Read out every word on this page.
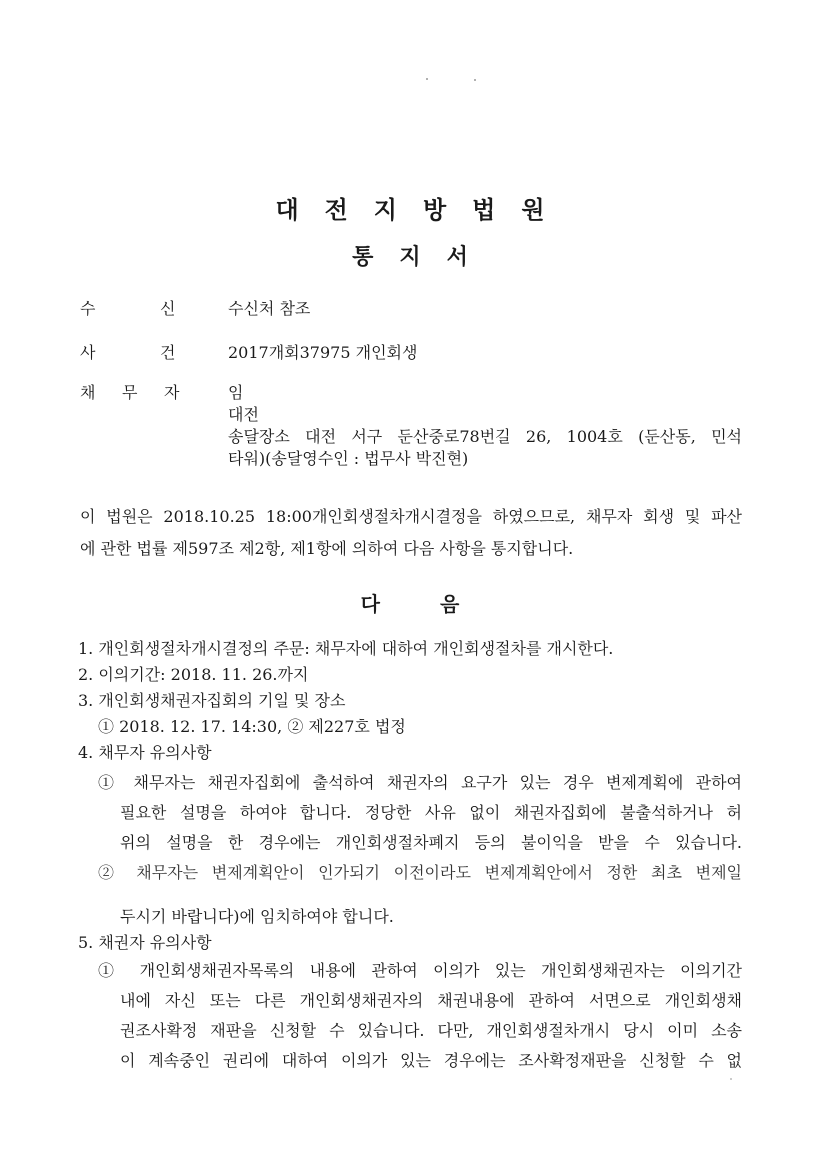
대전지방법원
통지서
수	신	수신처 참조
사	건	2017개회37975 개인회생
채 무 자	임
대전
송달장소 대전 서구 둔산중로78번길 26, 1004호 (둔산동, 민석
타워)(송달영수인 : 법무사 박진현)
이 법원은 2018.10.25 18:00개인회생절차개시결정을 하였으므로, 채무자 회생 및 파산
에 관한 법률 제597조 제2항, 제1항에 의하여 다음 사항을 통지합니다.
다음
1. 개인회생절차개시결정의 주문: 채무자에 대하여 개인회생절차를 개시한다.
2. 이의기간: 2018. 11. 26.까지
3. 개인회생채권자집회의 기일 및 장소
① 2018. 12. 17. 14:30, ② 제227호 법정
4. 채무자 유의사항
① 채무자는 채권자집회에 출석하여 채권자의 요구가 있는 경우 변제계획에 관하여
필요한 설명을 하여야 합니다. 정당한 사유 없이 채권자집회에 불출석하거나 허
위의 설명을 한 경우에는 개인회생절차폐지 등의 불이익을 받을 수 있습니다.
② 채무자는 변제계획안이 인가되기 이전이라도 변제계획안에서 정한 최초 변제일
두시기 바랍니다)에 임치하여야 합니다.
5. 채권자 유의사항
① 개인회생채권자목록의 내용에 관하여 이의가 있는 개인회생채권자는 이의기간
내에 자신 또는 다른 개인회생채권자의 채권내용에 관하여 서면으로 개인회생채
권조사확정 재판을 신청할 수 있습니다. 다만, 개인회생절차개시 당시 이미 소송
이 계속중인 권리에 대하여 이의가 있는 경우에는 조사확정재판을 신청할 수 없
